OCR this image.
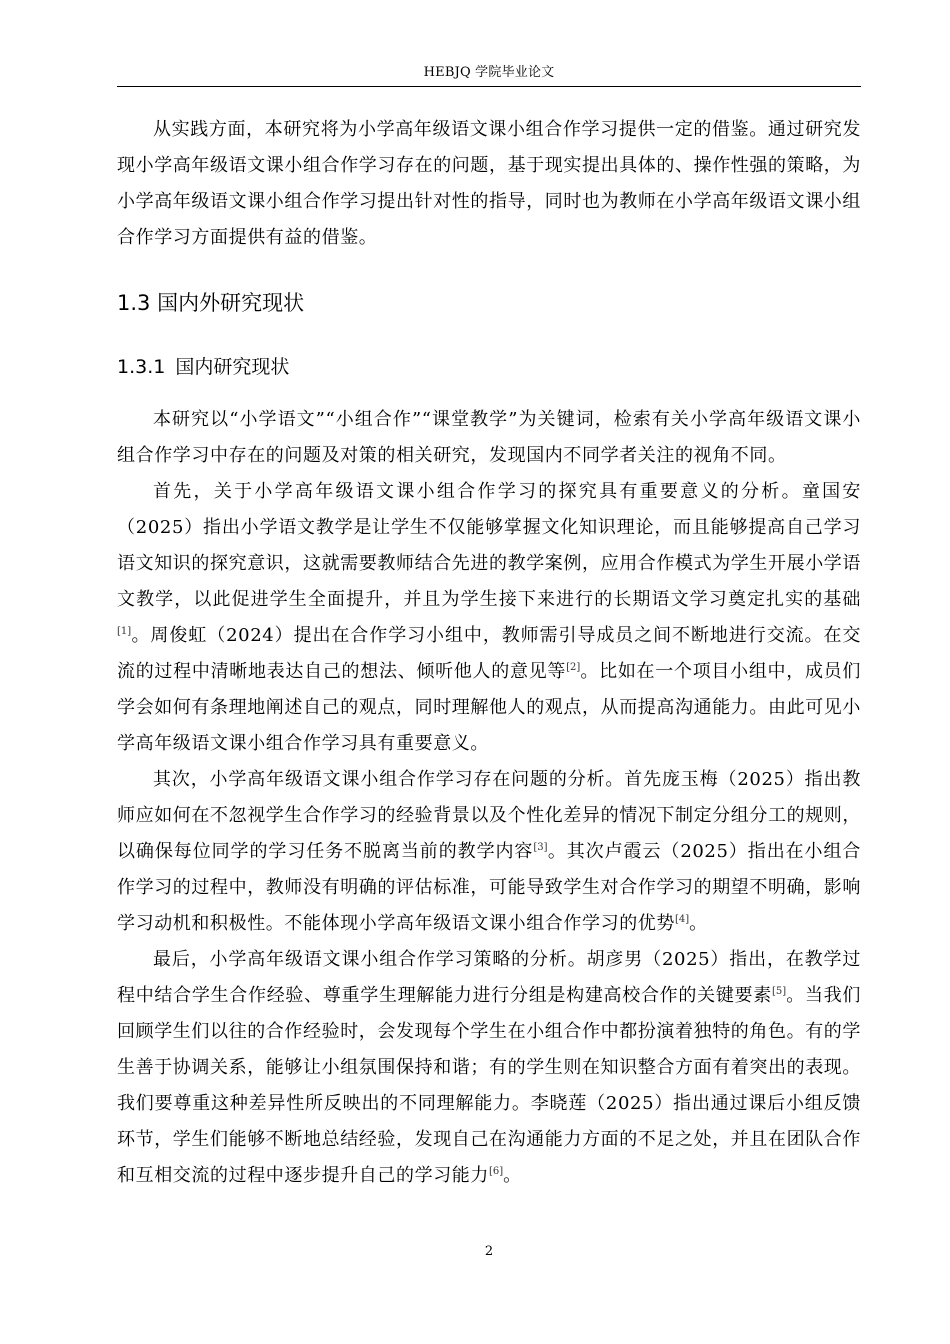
HEBJQ 学院毕业论文

从实践方面，本研究将为小学高年级语文课小组合作学习提供一定的借鉴。通过研究发现小学高年级语文课小组合作学习存在的问题，基于现实提出具体的、操作性强的策略，为小学高年级语文课小组合作学习提出针对性的指导，同时也为教师在小学高年级语文课小组合作学习方面提供有益的借鉴。

1.3 国内外研究现状
1.3.1 国内研究现状

本研究以“小学语文”“小组合作”“课堂教学”为关键词，检索有关小学高年级语文课小组合作学习中存在的问题及对策的相关研究，发现国内不同学者关注的视角不同。

首先，关于小学高年级语文课小组合作学习的探究具有重要意义的分析。童国安（2025）指出小学语文教学是让学生不仅能够掌握文化知识理论，而且能够提高自己学习语文知识的探究意识，这就需要教师结合先进的教学案例，应用合作模式为学生开展小学语文教学，以此促进学生全面提升，并且为学生接下来进行的长期语文学习奠定扎实的基础[1]。周俊虹（2024）提出在合作学习小组中，教师需引导成员之间不断地进行交流。在交流的过程中清晰地表达自己的想法、倾听他人的意见等[2]。比如在一个项目小组中，成员们学会如何有条理地阐述自己的观点，同时理解他人的观点，从而提高沟通能力。由此可见小学高年级语文课小组合作学习具有重要意义。

其次，小学高年级语文课小组合作学习存在问题的分析。首先庞玉梅（2025）指出教师应如何在不忽视学生合作学习的经验背景以及个性化差异的情况下制定分组分工的规则，以确保每位同学的学习任务不脱离当前的教学内容[3]。其次卢霞云（2025）指出在小组合作学习的过程中，教师没有明确的评估标准，可能导致学生对合作学习的期望不明确，影响学习动机和积极性。不能体现小学高年级语文课小组合作学习的优势[4]。

最后，小学高年级语文课小组合作学习策略的分析。胡彦男（2025）指出，在教学过程中结合学生合作经验、尊重学生理解能力进行分组是构建高校合作的关键要素[5]。当我们回顾学生们以往的合作经验时，会发现每个学生在小组合作中都扮演着独特的角色。有的学生善于协调关系，能够让小组氛围保持和谐；有的学生则在知识整合方面有着突出的表现。我们要尊重这种差异性所反映出的不同理解能力。李晓莲（2025）指出通过课后小组反馈环节，学生们能够不断地总结经验，发现自己在沟通能力方面的不足之处，并且在团队合作和互相交流的过程中逐步提升自己的学习能力[6]。

2
